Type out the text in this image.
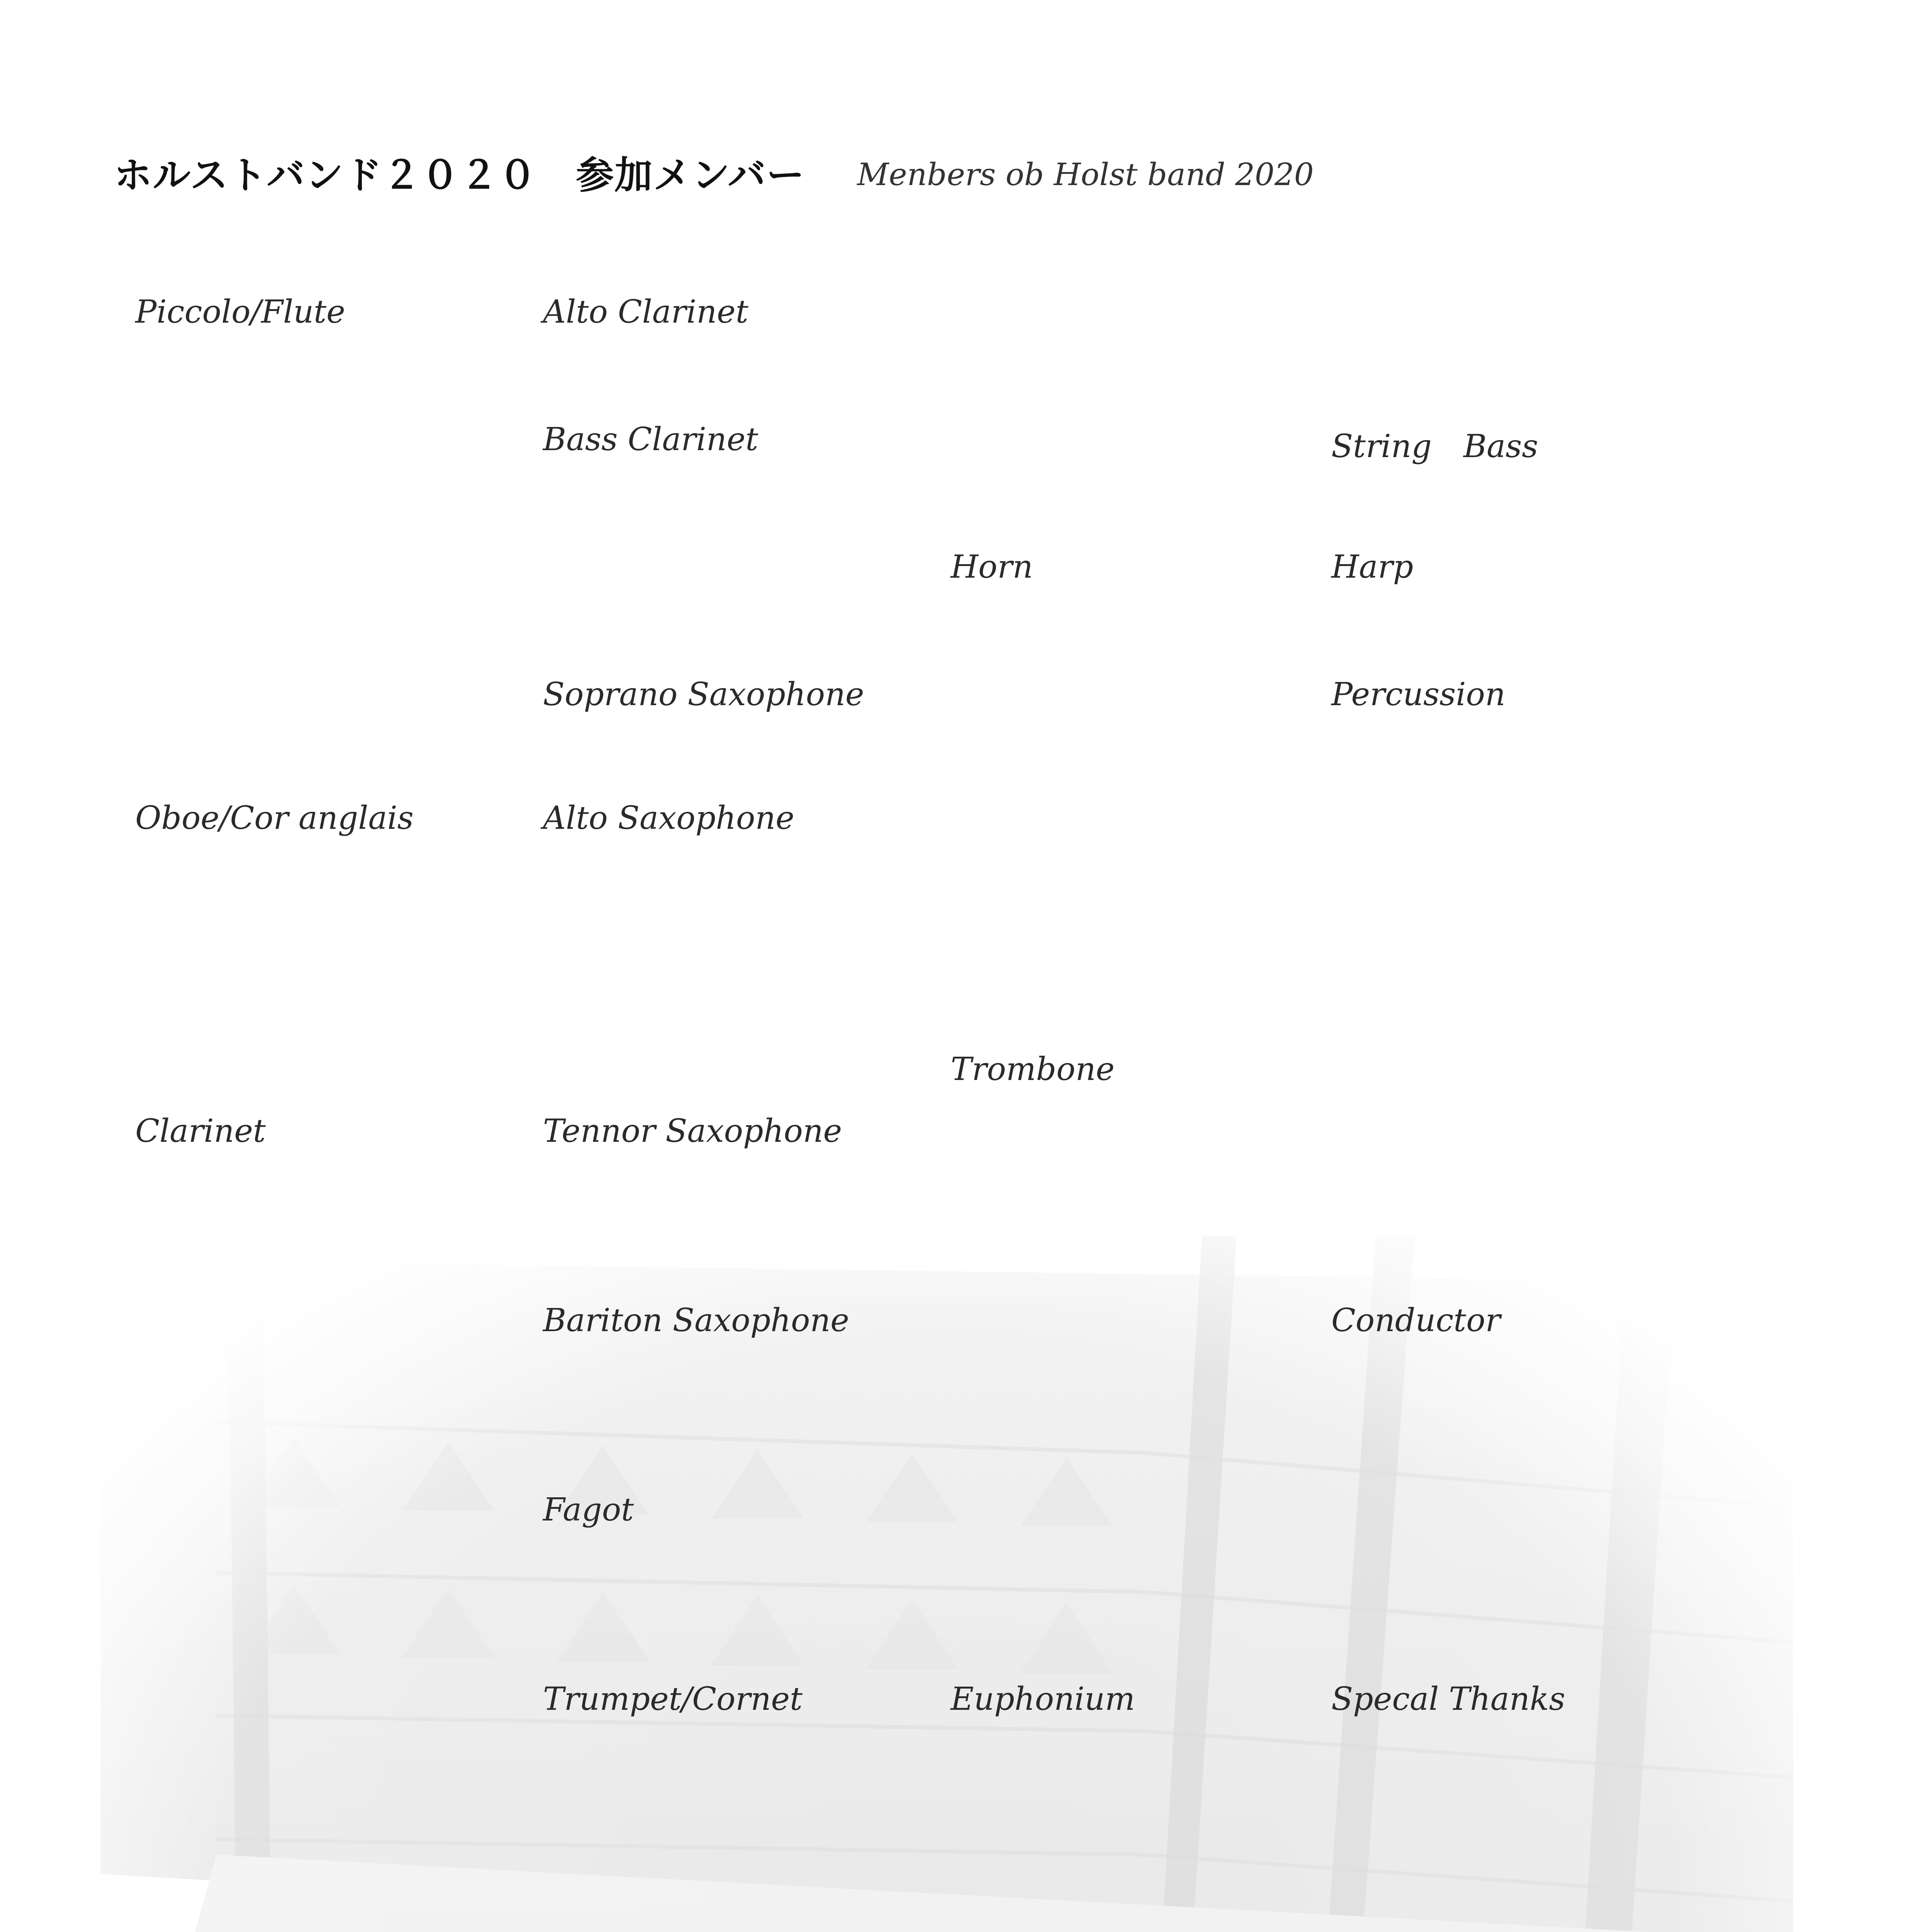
ホルストバンド２０２０　参加メンバー Menbers ob Holst band 2020
Piccolo/Flute
Oboe/Cor anglais
Clarinet
Alto Clarinet
Bass Clarinet
Soprano Saxophone
Alto Saxophone
Tennor Saxophone
Bariton Saxophone
Fagot
Trumpet/Cornet
Horn
Trombone
Euphonium
String　Bass
Harp
Percussion
Conductor
Specal Thanks
